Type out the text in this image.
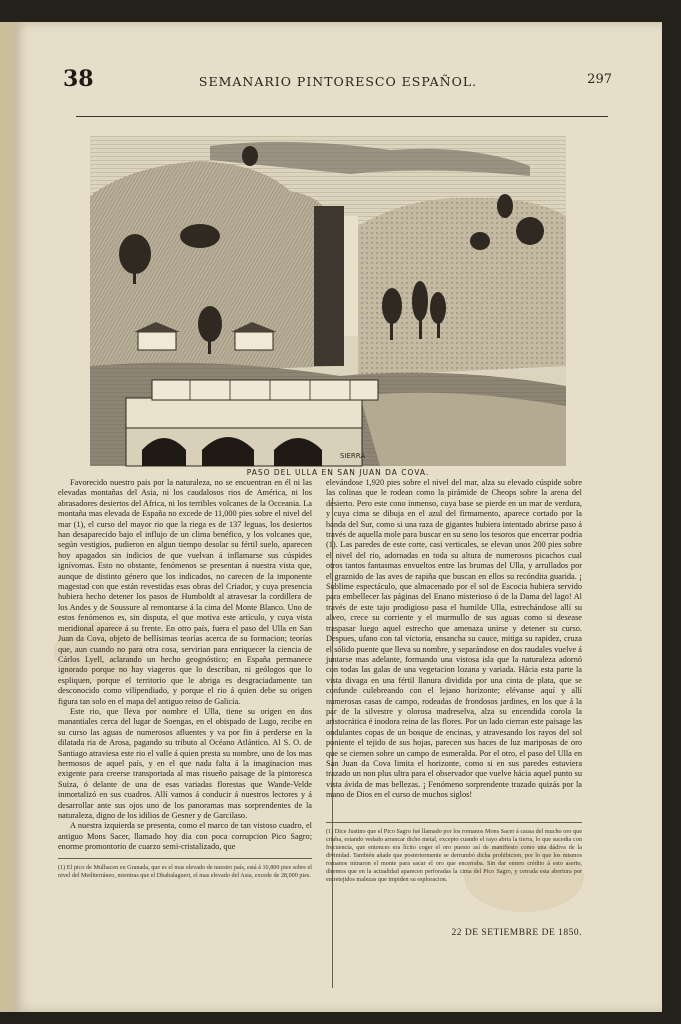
38	SEMANARIO PINTORESCO ESPAÑOL.	297
SIERRA
PASO DEL ULLA EN SAN JUAN DA COVA.

Favorecido nuestro pais por la naturaleza, no se encuentran en él ni las elevadas montañas del Asia, ni los caudalosos rios de América, ni los abrasadores desiertos del Africa, ni los terribles volcanes de la Occeania. La montaña mas elevada de España no excede de 11,000 pies sobre el nivel del mar (1), el curso del mayor rio que la riega es de 137 leguas, los desiertos han desaparecido bajo el influjo de un clima benéfico, y los volcanes que, según vestigios, pudieron en algun tiempo desolar su fértil suelo, aparecen hoy apagados sin indicios de que vuelvan á inflamarse sus cúspides ignívomas. Esto no obstante, fenómenos se presentan á nuestra vista que, aunque de distinto género que los indicados, no carecen de la imponente magestad con que están revestidas esas obras del Criador, y cuya presencia hubiera hecho detener los pasos de Humboldt al atravesar la cordillera de los Andes y de Soussure al remontarse á la cima del Monte Blanco. Uno de estos fenómenos es, sin disputa, el que motiva este artículo, y cuya vista meridional aparece á su frente. En otro país, fuera el paso del Ulla en San Juan da Cova, objeto de bellísimas teorías acerca de su formacion; teorías que, aun cuando no para otra cosa, servirian para enriquecer la ciencia de Cárlos Lyell, aclarando un hecho geognóstico; en España permanece ignorado porque no hay viageros que lo describan, ni geólogos que lo espliquen, porque el territorio que le abriga es desgraciadamente tan desconocido como vilipendiado, y porque el rio á quien debe su origen figura tan solo en el mapa del antiguo reino de Galicia.

Este rio, que lleva por nombre el Ulla, tiene su origen en dos manantiales cerca del lugar de Soengas, en el obispado de Lugo, recibe en su curso las aguas de numerosos afluentes y va por fin á perderse en la dilatada ria de Arosa, pagando su tributo al Océano Atlántico. Al S. O. de Santiago atraviesa este rio el valle á quien presta su nombre, uno de los mas hermosos de aquel país, y en el que nada falta á la imaginacion mas exigente para creerse transportada al mas risueño paisage de la pintoresca Suiza, ó delante de una de esas variadas florestas que Wande-Velde inmortalizó en sus cuadros. Allí vamos á conducir á nuestros lectores y á desarrollar ante sus ojos uno de los panoramas mas sorprendentes de la naturaleza, digno de los idilios de Gesner y de Garcilaso.

A nuestra izquierda se presenta, como el marco de tan vistoso cuadro, el antiguo Mons Sacer, llamado hoy dia con poca corrupcion Pico Sagro; enorme promontorio de cuarzo semi-cristalizado, que

elevándose 1,920 pies sobre el nivel del mar, alza su elevado cúspide sobre las colinas que le rodean como la pirámide de Cheops sobre la arena del desierto. Pero este cono inmenso, cuya base se pierde en un mar de verdura, y cuya cima se dibuja en el azul del firmamento, aparece cortado por la banda del Sur, como si una raza de gigantes hubiera intentado abrirse paso á través de aquella mole para buscar en su seno los tesoros que encerrar podria (1). Las paredes de este corte, casi verticales, se elevan unos 200 pies sobre el nivel del rio, adornadas en toda su altura de numerosos picachos cual otros tantos fantasmas envueltos entre las brumas del Ulla, y arrullados por el graznido de las aves de rapiña que buscan en ellos su recóndita guarida. ¡ Sublime espectáculo, que almacenado por el sol de Escocia hubiera servido para embellecer las páginas del Enano misterioso ó de la Dama del lago! Al través de este tajo prodigioso pasa el humilde Ulla, estrechándose allí su alveo, crece su corriente y el murmullo de sus aguas como si desease traspasar luego aquel estrecho que amenaza unirse y detener su curso. Despues, ufano con tal victoria, ensancha su cauce, mitiga su rapidez, cruza el sólido puente que lleva su nombre, y separándose en dos raudales vuelve á juntarse mas adelante, formando una vistosa isla que la naturaleza adornó con todas las galas de una vegetacion lozana y variada. Hácia esta parte la vista divaga en una fértil llanura dividida por una cinta de plata, que se confunde culebreando con el lejano horizonte; elévanse aquí y allí numerosas casas de campo, rodeadas de frondosos jardines, en los que á la par de la silvestre y olorosa madreselva, alza su encendida corola la aristocrática é inodora reina de las flores. Por un lado cierran este paisage las ondulantes copas de un bosque de encinas, y atravesando los rayos del sol poniente el tejido de sus hojas, parecen sus haces de luz mariposas de oro que se ciernen sobre un campo de esmeralda. Por el otro, el paso del Ulla en San Juan da Cova limita el horizonte, como si en sus paredes estuviera trazado un non plus ultra para el observador que vuelve hácia aquel punto su vista ávida de mas bellezas. ¡ Fenómeno sorprendente trazado quizás por la mano de Dios en el curso de muchos siglos!

(1) El pico de Mulhacen en Granada, que es el mas elevado de nuestro país, está á 10,800 pies sobre el nivel del Mediterráneo, mientras que el Dhabalagueri, el mas elevado del Asia, excede de 28,000 pies.
(1) Dice Justino que el Pico Sagro fué llamado por los romanos Mons Sacer á causa del mucho oro que criaba, estando vedado arrancar dicho metal, excepto cuando el rayo abria la tierra, lo que sucedia con frecuencia, que entonces era lícito coger el oro puesto así de manifiesto como una dádiva de la divinidad. También añade que posteriormente se derrumbó dicha prohibicion, por lo que los mismos romanos minaron el monte para sacar el oro que encerraba. Sin dar entero crédito á esto aserto, diremos que en la actualidad aparecen perforadas la cima del Pico Sagro, y cerrada esta abertura por entretejidos malezas que impiden su esploracion.
22 DE SETIEMBRE DE 1850.
